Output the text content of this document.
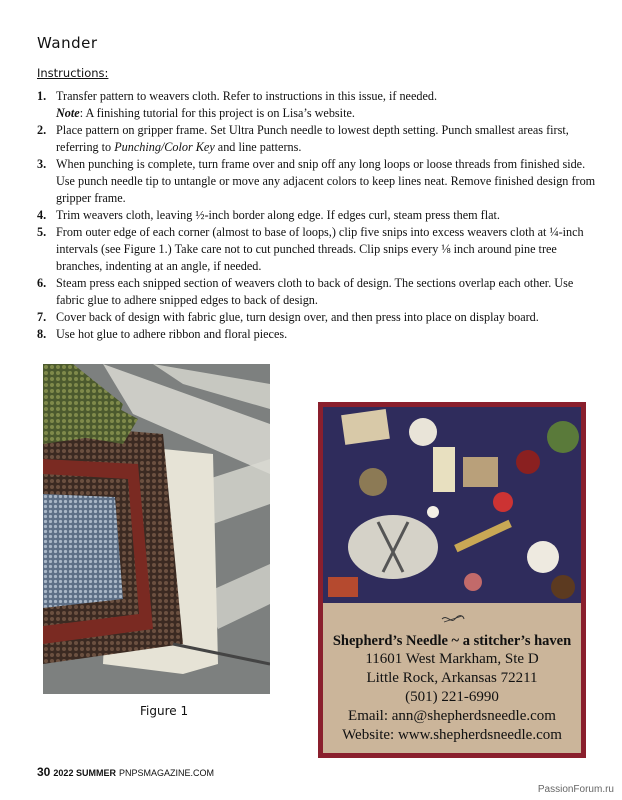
Wander
Instructions:
1. Transfer pattern to weavers cloth. Refer to instructions in this issue, if needed.
Note: A finishing tutorial for this project is on Lisa’s website.
2. Place pattern on gripper frame. Set Ultra Punch needle to lowest depth setting. Punch smallest areas first, referring to Punching/Color Key and line patterns.
3. When punching is complete, turn frame over and snip off any long loops or loose threads from finished side. Use punch needle tip to untangle or move any adjacent colors to keep lines neat. Remove finished design from gripper frame.
4. Trim weavers cloth, leaving ½-inch border along edge. If edges curl, steam press them flat.
5. From outer edge of each corner (almost to base of loops,) clip five snips into excess weavers cloth at ¼-inch intervals (see Figure 1.) Take care not to cut punched threads. Clip snips every ⅛ inch around pine tree branches, indenting at an angle, if needed.
6. Steam press each snipped section of weavers cloth to back of design. The sections overlap each other. Use fabric glue to adhere snipped edges to back of design.
7. Cover back of design with fabric glue, turn design over, and then press into place on display board.
8. Use hot glue to adhere ribbon and floral pieces.
Figure 1
Shepherd’s Needle ~ a stitcher’s haven
11601 West Markham, Ste D
Little Rock, Arkansas 72211
(501) 221-6990
Email: ann@shepherdsneedle.com
Website: www.shepherdsneedle.com
30 2022 SUMMER PNPSMAGAZINE.COM
PassionForum.ru
